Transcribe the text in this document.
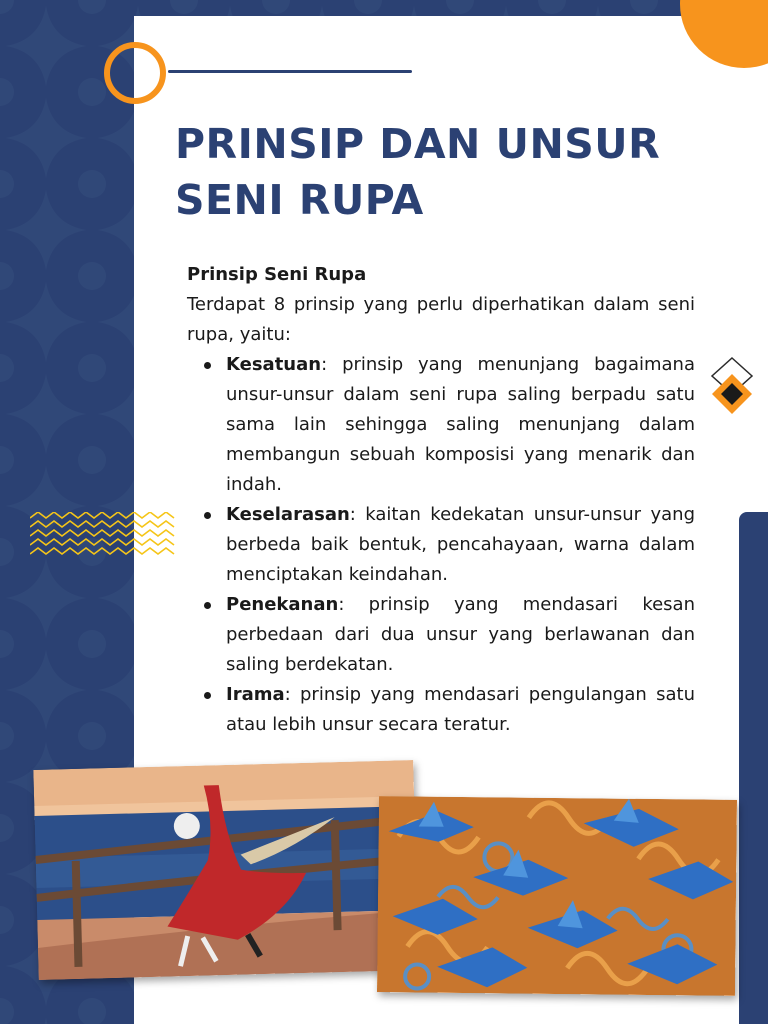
PRINSIP DAN UNSUR
SENI RUPA

Prinsip Seni Rupa

Terdapat 8 prinsip yang perlu diperhatikan dalam seni rupa, yaitu:

Kesatuan: prinsip yang menunjang bagaimana unsur-unsur dalam seni rupa saling berpadu satu sama lain sehingga saling menunjang dalam membangun sebuah komposisi yang menarik dan indah.
Keselarasan: kaitan kedekatan unsur-unsur yang berbeda baik bentuk, pencahayaan, warna dalam menciptakan keindahan.
Penekanan: prinsip yang mendasari kesan perbedaan dari dua unsur yang berlawanan dan saling berdekatan.
Irama: prinsip yang mendasari pengulangan satu atau lebih unsur secara teratur.
